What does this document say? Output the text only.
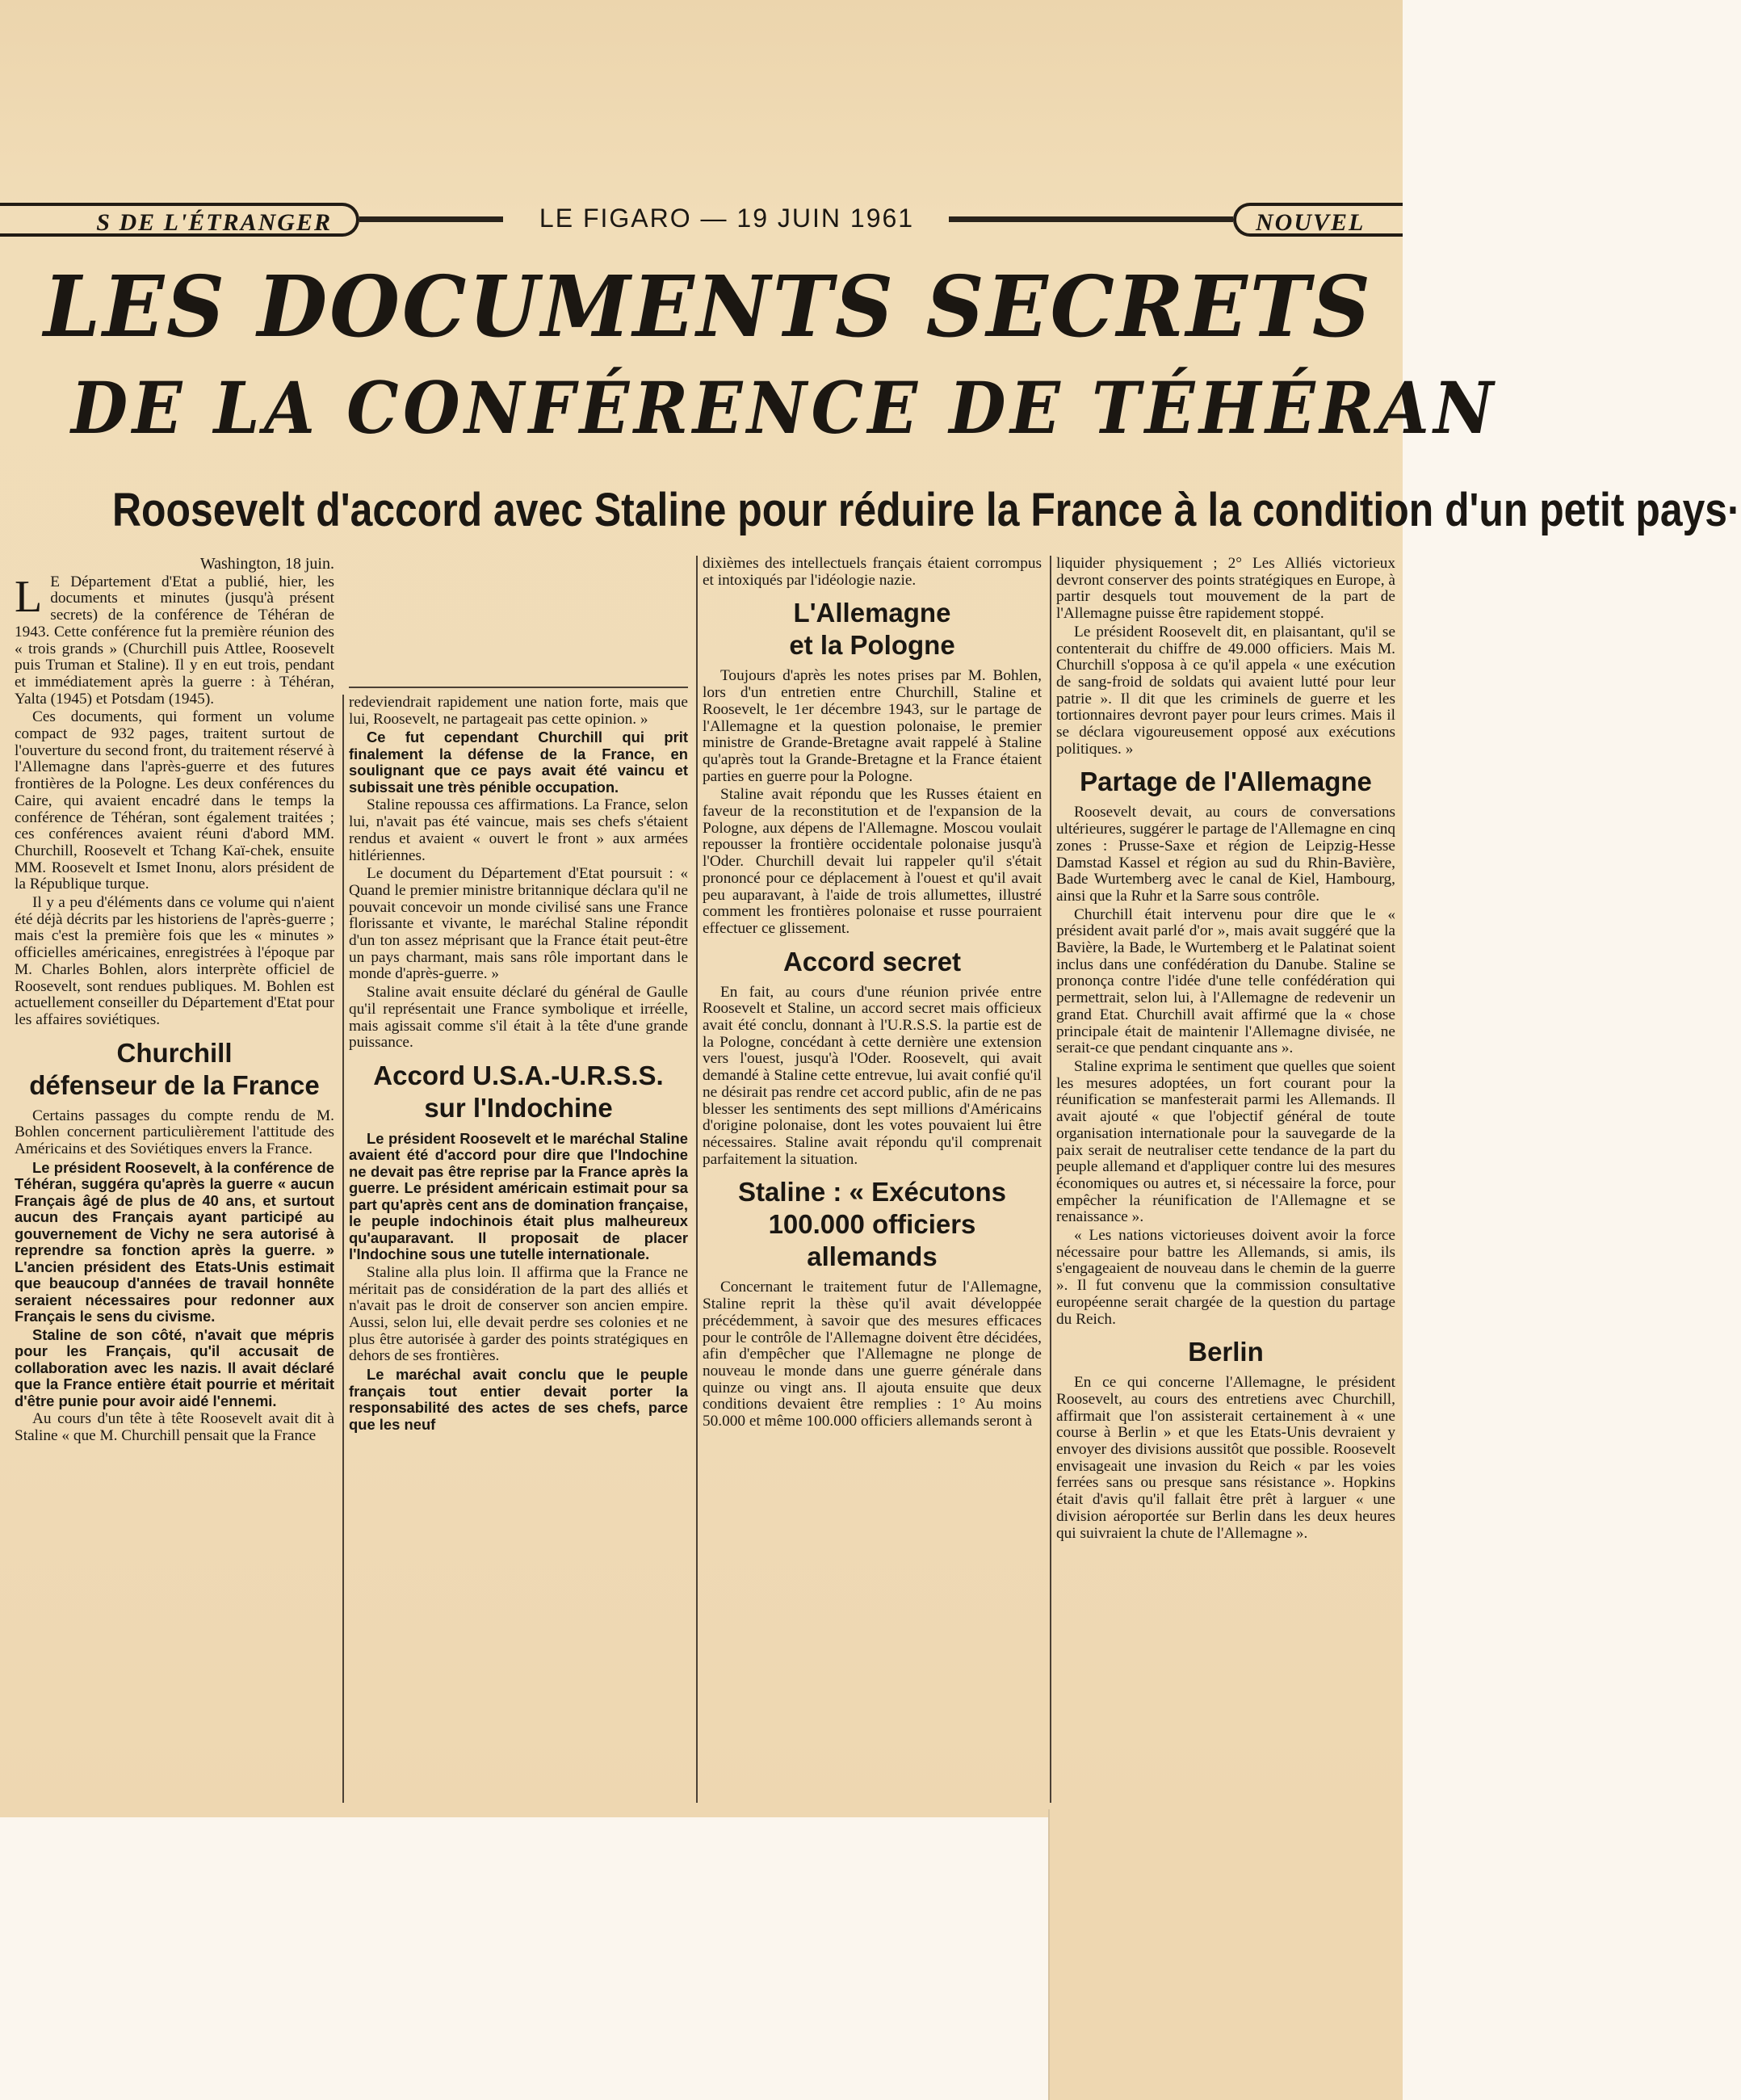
S DE L'ÉTRANGER	LE FIGARO — 19 JUIN 1961	NOUVEL
LES DOCUMENTS SECRETS
DE LA CONFÉRENCE DE TÉHÉRAN
Roosevelt d'accord avec Staline pour réduire la France à la condition d'un petit pays·

Washington, 18 juin.

L E Département d'Etat a publié, hier, les documents et minutes (jusqu'à présent secrets) de la conférence de Téhéran de 1943. Cette conférence fut la première réunion des « trois grands » (Churchill puis Attlee, Roosevelt puis Truman et Staline). Il y en eut trois, pendant et immédiatement après la guerre : à Téhéran, Yalta (1945) et Potsdam (1945).

Ces documents, qui forment un volume compact de 932 pages, traitent surtout de l'ouverture du second front, du traitement réservé à l'Allemagne dans l'après-guerre et des futures frontières de la Pologne. Les deux conférences du Caire, qui avaient encadré dans le temps la conférence de Téhéran, sont également traitées ; ces conférences avaient réuni d'abord MM. Churchill, Roosevelt et Tchang Kaï-chek, ensuite MM. Roosevelt et Ismet Inonu, alors président de la République turque.

Il y a peu d'éléments dans ce volume qui n'aient été déjà décrits par les historiens de l'après-guerre ; mais c'est la première fois que les « minutes » officielles américaines, enregistrées à l'époque par M. Charles Bohlen, alors interprète officiel de Roosevelt, sont rendues publiques. M. Bohlen est actuellement conseiller du Département d'Etat pour les affaires soviétiques.

Churchill
défenseur de la France

Certains passages du compte rendu de M. Bohlen concernent particulièrement l'attitude des Américains et des Soviétiques envers la France.

Le président Roosevelt, à la conférence de Téhéran, suggéra qu'après la guerre « aucun Français âgé de plus de 40 ans, et surtout aucun des Français ayant participé au gouvernement de Vichy ne sera autorisé à reprendre sa fonction après la guerre. » L'ancien président des Etats-Unis estimait que beaucoup d'années de travail honnête seraient nécessaires pour redonner aux Français le sens du civisme.

Staline de son côté, n'avait que mépris pour les Français, qu'il accusait de collaboration avec les nazis. Il avait déclaré que la France entière était pourrie et méritait d'être punie pour avoir aidé l'ennemi.

Au cours d'un tête à tête Roosevelt avait dit à Staline « que M. Churchill pensait que la France

redeviendrait rapidement une nation forte, mais que lui, Roosevelt, ne partageait pas cette opinion. »

Ce fut cependant Churchill qui prit finalement la défense de la France, en soulignant que ce pays avait été vaincu et subissait une très pénible occupation.

Staline repoussa ces affirmations. La France, selon lui, n'avait pas été vaincue, mais ses chefs s'étaient rendus et avaient « ouvert le front » aux armées hitlériennes.

Le document du Département d'Etat poursuit : « Quand le premier ministre britannique déclara qu'il ne pouvait concevoir un monde civilisé sans une France florissante et vivante, le maréchal Staline répondit d'un ton assez méprisant que la France était peut-être un pays charmant, mais sans rôle important dans le monde d'après-guerre. »

Staline avait ensuite déclaré du général de Gaulle qu'il représentait une France symbolique et irréelle, mais agissait comme s'il était à la tête d'une grande puissance.

Accord U.S.A.-U.R.S.S.
sur l'Indochine

Le président Roosevelt et le maréchal Staline avaient été d'accord pour dire que l'Indochine ne devait pas être reprise par la France après la guerre. Le président américain estimait pour sa part qu'après cent ans de domination française, le peuple indochinois était plus malheureux qu'auparavant. Il proposait de placer l'Indochine sous une tutelle internationale.

Staline alla plus loin. Il affirma que la France ne méritait pas de considération de la part des alliés et n'avait pas le droit de conserver son ancien empire. Aussi, selon lui, elle devait perdre ses colonies et ne plus être autorisée à garder des points stratégiques en dehors de ses frontières.

Le maréchal avait conclu que le peuple français tout entier devait porter la responsabilité des actes de ses chefs, parce que les neuf

dixièmes des intellectuels français étaient corrompus et intoxiqués par l'idéologie nazie.

L'Allemagne
et la Pologne

Toujours d'après les notes prises par M. Bohlen, lors d'un entretien entre Churchill, Staline et Roosevelt, le 1er décembre 1943, sur le partage de l'Allemagne et la question polonaise, le premier ministre de Grande-Bretagne avait rappelé à Staline qu'après tout la Grande-Bretagne et la France étaient parties en guerre pour la Pologne.

Staline avait répondu que les Russes étaient en faveur de la reconstitution et de l'expansion de la Pologne, aux dépens de l'Allemagne. Moscou voulait repousser la frontière occidentale polonaise jusqu'à l'Oder. Churchill devait lui rappeler qu'il s'était prononcé pour ce déplacement à l'ouest et qu'il avait peu auparavant, à l'aide de trois allumettes, illustré comment les frontières polonaise et russe pourraient effectuer ce glissement.

Accord secret

En fait, au cours d'une réunion privée entre Roosevelt et Staline, un accord secret mais officieux avait été conclu, donnant à l'U.R.S.S. la partie est de la Pologne, concédant à cette dernière une extension vers l'ouest, jusqu'à l'Oder. Roosevelt, qui avait demandé à Staline cette entrevue, lui avait confié qu'il ne désirait pas rendre cet accord public, afin de ne pas blesser les sentiments des sept millions d'Américains d'origine polonaise, dont les votes pouvaient lui être nécessaires. Staline avait répondu qu'il comprenait parfaitement la situation.

Staline : « Exécutons
100.000 officiers
allemands

Concernant le traitement futur de l'Allemagne, Staline reprit la thèse qu'il avait développée précédemment, à savoir que des mesures efficaces pour le contrôle de l'Allemagne doivent être décidées, afin d'empêcher que l'Allemagne ne plonge de nouveau le monde dans une guerre générale dans quinze ou vingt ans. Il ajouta ensuite que deux conditions devaient être remplies : 1° Au moins 50.000 et même 100.000 officiers allemands seront à

liquider physiquement ; 2° Les Alliés victorieux devront conserver des points stratégiques en Europe, à partir desquels tout mouvement de la part de l'Allemagne puisse être rapidement stoppé.

Le président Roosevelt dit, en plaisantant, qu'il se contenterait du chiffre de 49.000 officiers. Mais M. Churchill s'opposa à ce qu'il appela « une exécution de sang-froid de soldats qui avaient lutté pour leur patrie ». Il dit que les criminels de guerre et les tortionnaires devront payer pour leurs crimes. Mais il se déclara vigoureusement opposé aux exécutions politiques. »

Partage de l'Allemagne

Roosevelt devait, au cours de conversations ultérieures, suggérer le partage de l'Allemagne en cinq zones : Prusse-Saxe et région de Leipzig-Hesse Damstad Kassel et région au sud du Rhin-Bavière, Bade Wurtemberg avec le canal de Kiel, Hambourg, ainsi que la Ruhr et la Sarre sous contrôle.

Churchill était intervenu pour dire que le « président avait parlé d'or », mais avait suggéré que la Bavière, la Bade, le Wurtemberg et le Palatinat soient inclus dans une confédération du Danube. Staline se prononça contre l'idée d'une telle confédération qui permettrait, selon lui, à l'Allemagne de redevenir un grand Etat. Churchill avait affirmé que la « chose principale était de maintenir l'Allemagne divisée, ne serait-ce que pendant cinquante ans ».

Staline exprima le sentiment que quelles que soient les mesures adoptées, un fort courant pour la réunification se manfesterait parmi les Allemands. Il avait ajouté « que l'objectif général de toute organisation internationale pour la sauvegarde de la paix serait de neutraliser cette tendance de la part du peuple allemand et d'appliquer contre lui des mesures économiques ou autres et, si nécessaire la force, pour empêcher la réunification de l'Allemagne et se renaissance ».

« Les nations victorieuses doivent avoir la force nécessaire pour battre les Allemands, si amis, ils s'engageaient de nouveau dans le chemin de la guerre ». Il fut convenu que la commission consultative européenne serait chargée de la question du partage du Reich.

Berlin

En ce qui concerne l'Allemagne, le président Roosevelt, au cours des entretiens avec Churchill, affirmait que l'on assisterait certainement à « une course à Berlin » et que les Etats-Unis devraient y envoyer des divisions aussitôt que possible. Roosevelt envisageait une invasion du Reich « par les voies ferrées sans ou presque sans résistance ». Hopkins était d'avis qu'il fallait être prêt à larguer « une division aéroportée sur Berlin dans les deux heures qui suivraient la chute de l'Allemagne ».
